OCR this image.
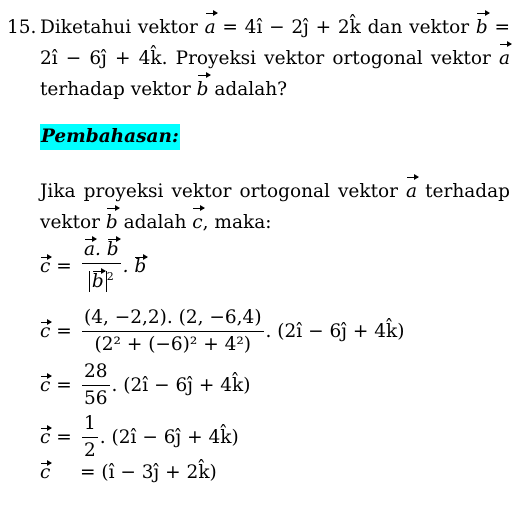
15. Diketahui vektor a = 4î − 2ĵ + 2k̂ dan vektor b = 2î − 6ĵ + 4k̂. Proyeksi vektor ortogonal vektor a terhadap vektor b adalah?
Pembahasan:
Jika proyeksi vektor ortogonal vektor a terhadap vektor b adalah c, maka:
$c = \frac{a. b}{b ^2}$ . b
$c = \frac{(4, -2,2). (2, -6,4)}{\text{(2² + (−6)² + 4²)}}$ . (2î − 6ĵ + 4k̂)
$c = \frac{28}{56}$ . (2î − 6ĵ + 4k̂)
$c = \frac{1}{2}$ . (2î − 6ĵ + 4k̂)
c	= (î − 3ĵ + 2k̂)
